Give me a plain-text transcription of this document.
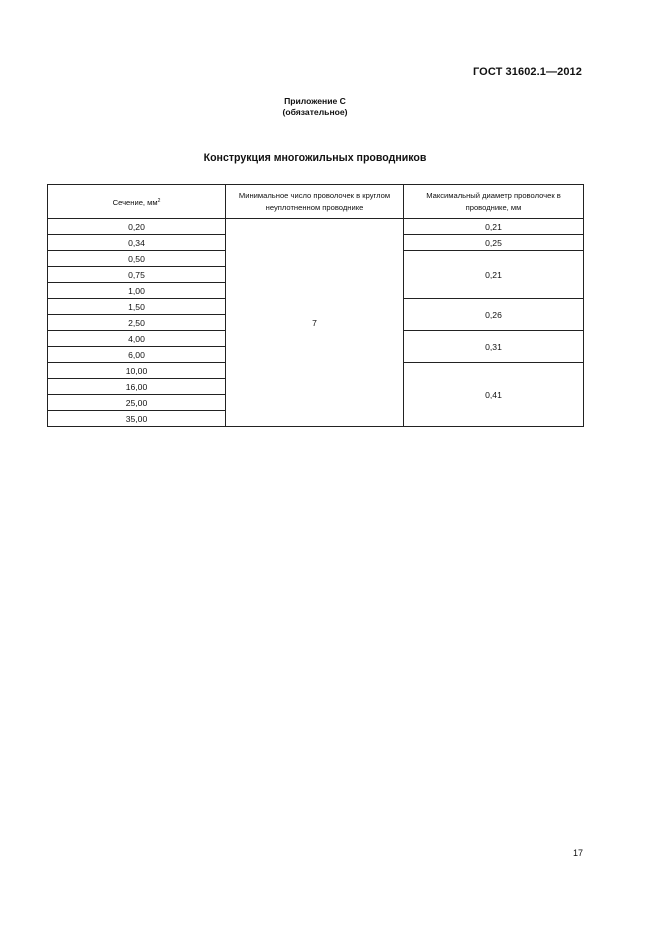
ГОСТ 31602.1—2012
Приложение С
(обязательное)
Конструкция многожильных проводников
Сечение, $мм^2$	Минимальное число проволочек в круглом неуплотненном проводнике	Максимальный диаметр проволочек в проводнике, мм
0,20	7	0,21
0,34		0,25
0,50		0,21
0,75		
1,00		
1,50		0,26
2,50		
4,00		0,31
6,00		
10,00		0,41
16,00		
25,00		
35,00		
17
